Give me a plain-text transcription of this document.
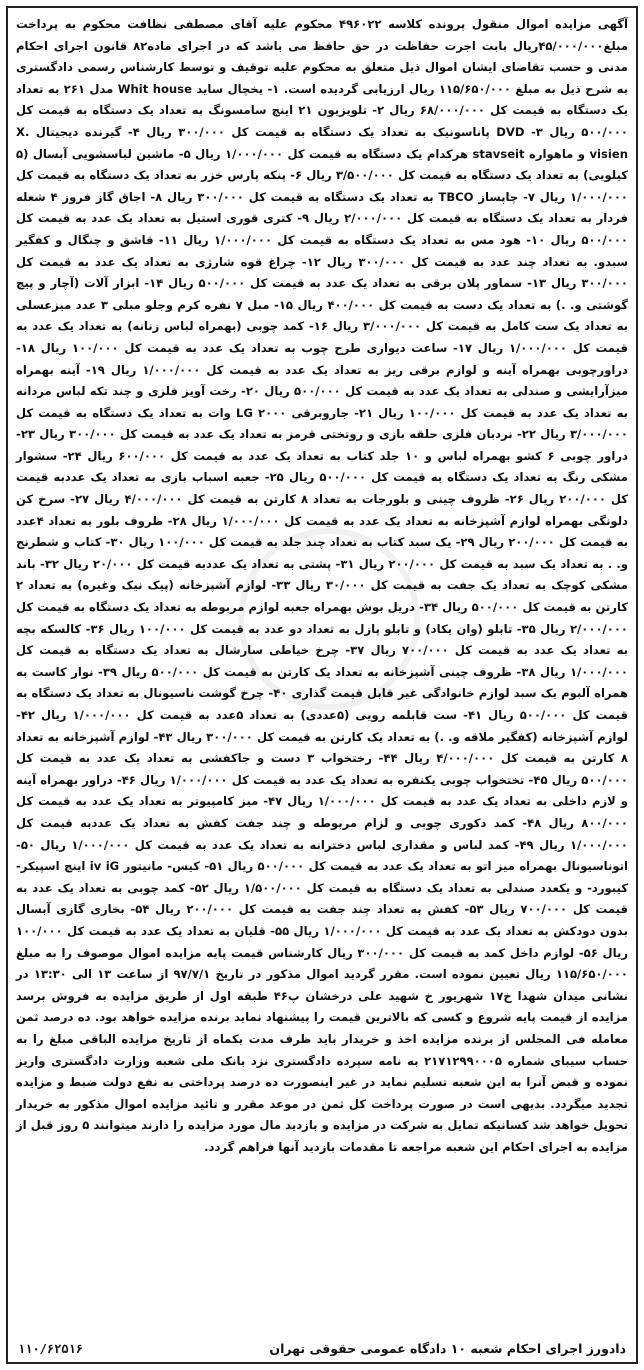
آگهی مزایده اموال منقول پرونده کلاسه ۴۹۶۰۲۲ محکوم علیه آقای مصطفی نظافت محکوم به پرداخت مبلغ۴۵/۰۰۰/۰۰۰ریال بابت اجرت حفاظت در حق حافظ می باشد که در اجرای ماده۸۲ قانون اجرای احکام مدنی و حسب تقاضای ایشان اموال ذیل متعلق به محکوم علیه توقیف و توسط کارشناس رسمی دادگستری به شرح ذیل به مبلغ ۱۱۵/۶۵۰/۰۰۰ ریال ارزیابی گردیده است. ۱- یخچال ساید Whit house مدل ۲۶۱ به تعداد یک دستگاه به قیمت کل ۶۸/۰۰۰/۰۰۰ ریال ۲- تلویزیون ۲۱ اینچ سامسونگ به تعداد یک دستگاه به قیمت کل ۵۰۰/۰۰۰ ریال ۳- DVD پاناسونیک به تعداد یک دستگاه به قیمت کل ۳۰۰/۰۰۰ ریال ۴- گیرنده دیجیتال X. visien و ماهواره stavseit هرکدام یک دستگاه به قیمت کل ۱/۰۰۰/۰۰۰ ریال ۵- ماشین لباسشویی آبسال (۵ کیلویی) به تعداد یک دستگاه به قیمت کل ۳/۵۰۰/۰۰۰ ریال ۶- پنکه پارس خزر به تعداد یک دستگاه به قیمت کل ۱/۰۰۰/۰۰۰ ریال ۷- چاپساز TBCO به تعداد یک دستگاه به قیمت کل ۳۰۰/۰۰۰ ریال ۸- اجاق گاز فروز ۴ شعله فردار به تعداد یک دستگاه به قیمت کل ۲/۰۰۰/۰۰۰ ریال ۹- کتری قوری استیل به تعداد یک عدد به قیمت کل ۵۰۰/۰۰۰ ریال ۱۰- هود مس به تعداد یک دستگاه به قیمت کل ۱/۰۰۰/۰۰۰ ریال ۱۱- قاشق و چنگال و کفگیر سبدو. به تعداد چند عدد به قیمت کل ۳۰۰/۰۰۰ ریال ۱۲- چراغ قوه شارژی به تعداد یک عدد به قیمت کل ۳۰۰/۰۰۰ ریال ۱۳- سماور پلان برقی به تعداد یک عدد به قیمت کل ۵۰۰/۰۰۰ ریال ۱۴- ابزار آلات (آچار و پیچ گوشتی و. .) به تعداد یک دست به قیمت کل ۴۰۰/۰۰۰ ریال ۱۵- مبل ۷ نفره کرم وجلو مبلی ۳ عدد میزعسلی به تعداد یک ست کامل به قیمت کل ۳/۰۰۰/۰۰۰ ریال ۱۶- کمد چوبی (بهمراه لباس زنانه) به تعداد یک عدد به قیمت کل ۱/۰۰۰/۰۰۰ ریال ۱۷- ساعت دیواری طرح چوب به تعداد یک عدد به قیمت کل ۱۰۰/۰۰۰ ریال ۱۸- دراورچوبی بهمراه آینه و لوازم برقی ریز به تعداد یک عدد به قیمت کل ۱/۰۰۰/۰۰۰ ریال ۱۹- آینه بهمراه میزآرایشی و صندلی به تعداد یک عدد به قیمت کل ۵۰۰/۰۰۰ ریال ۲۰- رخت آویز فلزی و چند تکه لباس مردانه به تعداد یک عدد به قیمت کل ۱۰۰/۰۰۰ ریال ۲۱- جاروبرقی LG ۲۰۰۰ وات به تعداد یک دستگاه به قیمت کل ۳/۰۰۰/۰۰۰ ریال ۲۲- نردبان فلزی حلقه بازی و روتختی قرمز به تعداد یک عدد به قیمت کل ۳۰۰/۰۰۰ ریال ۲۳- دراور چوبی ۶ کشو بهمراه لباس و ۱۰ جلد کتاب به تعداد یک عدد به قیمت کل ۶۰۰/۰۰۰ ریال ۲۴- سشوار مشکی رنگ به تعداد یک دستگاه به قیمت کل ۵۰۰/۰۰۰ ریال ۲۵- جعبه اسباب بازی به تعداد یک عددبه قیمت کل ۲۰۰/۰۰۰ ریال ۲۶- ظروف چینی و بلورجات به تعداد ۸ کارتن به قیمت کل ۴/۰۰۰/۰۰۰ ریال ۲۷- سرخ کن دلونگی بهمراه لوازم آشپزخانه به تعداد یک عدد به قیمت کل ۱/۰۰۰/۰۰۰ ریال ۲۸- ظروف بلور به تعداد ۴عدد به قیمت کل ۲۰۰/۰۰۰ ریال ۲۹- یک سبد کتاب به تعداد چند جلد به قیمت کل ۱۰۰/۰۰۰ ریال ۳۰- کتاب و شطرنج و. . به تعداد یک سبد به قیمت کل ۲۰۰/۰۰۰ ریال ۳۱- پشتی به تعداد یک عددبه قیمت کل ۲۰/۰۰۰ ریال ۳۲- باند مشکی کوچک به تعداد یک جفت به قیمت کل ۳۰/۰۰۰ ریال ۳۳- لوازم آشپزخانه (پیک نیک وغیره) به تعداد ۲ کارتن به قیمت کل ۵۰۰/۰۰۰ ریال ۳۴- دریل بوش بهمراه جعبه لوازم مربوطه به تعداد یک دستگاه به قیمت کل ۲/۰۰۰/۰۰۰ ریال ۳۵- تابلو (وان یکاد) و تابلو پازل به تعداد دو عدد به قیمت کل ۱۰۰/۰۰۰ ریال ۳۶- کالسکه بچه به تعداد یک عدد به قیمت کل ۷۰۰/۰۰۰ ریال ۳۷- چرخ خیاطی سارشال به تعداد یک دستگاه به قیمت کل ۱/۰۰۰/۰۰۰ ریال ۳۸- ظروف چینی آشپزخانه به تعداد یک کارتن به قیمت کل ۵۰۰/۰۰۰ ریال ۳۹- نوار کاست به همراه آلبوم یک سبد لوازم خانوادگی غیر قابل قیمت گذاری ۴۰- چرخ گوشت ناسیونال به تعداد یک دستگاه به قیمت کل ۵۰۰/۰۰۰ ریال ۴۱- ست قابلمه رویی (۵عددی) به تعداد ۵عدد به قیمت کل ۱/۰۰۰/۰۰۰ ریال ۴۲- لوازم آشپزخانه (کفگیر ملاقه و. .) به تعداد یک کارتن به قیمت کل ۳۰۰/۰۰۰ ریال ۴۳- لوازم آشپزخانه به تعداد ۸ کارتن به قیمت کل ۴/۰۰۰/۰۰۰ ریال ۴۴- رختخواب ۳ دست و جاکفشی به تعداد یک عدد به قیمت کل ۵۰۰/۰۰۰ ریال ۴۵- تختخواب چوبی یکنفره به تعداد یک عدد به قیمت کل ۱/۰۰۰/۰۰۰ ریال ۴۶- دراور بهمراه آینه و لازم داخلی به تعداد یک عدد به قیمت کل ۱/۰۰۰/۰۰۰ ریال ۴۷- میز کامپیوتر به تعداد یک عدد به قیمت کل ۸۰۰/۰۰۰ ریال ۴۸- کمد دکوری چوبی و لزام مربوطه و چند جفت کفش به تعداد یک عددبه قیمت کل ۱/۰۰۰/۰۰۰ ریال ۴۹- کمد لباس و مقداری لباس دخترانه به تعداد یک عدد به قیمت کل ۱/۰۰۰/۰۰۰ ریال ۵۰- اتوناسیونال بهمراه میز اتو به تعداد یک عدد به قیمت کل ۵۰۰/۰۰۰ ریال ۵۱- کیس- مانیتور iv iG اینچ اسپیکر- کیبورد- و یکعدد صندلی به تعداد یک دستگاه به قیمت کل ۱/۵۰۰/۰۰۰ ریال ۵۲- کمد چوبی به تعداد یک عدد به قیمت کل ۷۰۰/۰۰۰ ریال ۵۳- کفش به تعداد چند جفت به قیمت کل ۲۰۰/۰۰۰ ریال ۵۴- بخاری گازی آبسال بدون دودکش به تعداد یک عدد به قیمت کل ۱/۰۰۰/۰۰۰ ریال ۵۵- قلیان به تعداد یک عدد به قیمت کل ۱۰۰/۰۰۰ ریال ۵۶- لوازم داخل کمد به قیمت کل ۳۰۰/۰۰۰ ریال کارشناس قیمت پایه مزایده اموال موصوف را به مبلغ ۱۱۵/۶۵۰/۰۰۰ ریال تعیین نموده است. مقرر گردید اموال مذکور در تاریخ ۹۷/۷/۱ از ساعت ۱۳ الی ۱۳:۳۰ در نشانی میدان شهدا خ۱۷ شهریور خ شهید علی درخشان پ۴۶ طبقه اول از طریق مزایده به فروش برسد مزایده از قیمت پایه شروع و کسی که بالاترین قیمت را پیشنهاد نماید برنده مزایده خواهد بود. ده درصد ثمن معامله فی المجلس از برنده مزایده اخذ و خریدار باید ظرف مدت یکماه از تاریخ مزایده الباقی مبلغ را به حساب سیبای شماره ۲۱۷۱۲۹۹۰۰۰۵ به نامه سپرده دادگستری نزد بانک ملی شعبه وزارت دادگستری واریز نموده و قبض آنرا به این شعبه تسلیم نماید در غیر اینصورت ده درصد پرداختی به نفع دولت ضبط و مزایده تجدید میگردد. بدیهی است در صورت پرداخت کل ثمن در موعد مقرر و تائید مزایده اموال مذکور به خریدار تحویل خواهد شد کسانیکه تمایل به شرکت در مزایده و بازدید مال مورد مزایده را دارند میتوانند ۵ روز قبل از مزایده به اجرای احکام این شعبه مراجعه تا مقدمات بازدید آنها فراهم گردد.

دادورز اجرای احکام شعبه ۱۰ دادگاه عمومی حقوقی تهران
۱۱۰/۶۲۵۱۶
